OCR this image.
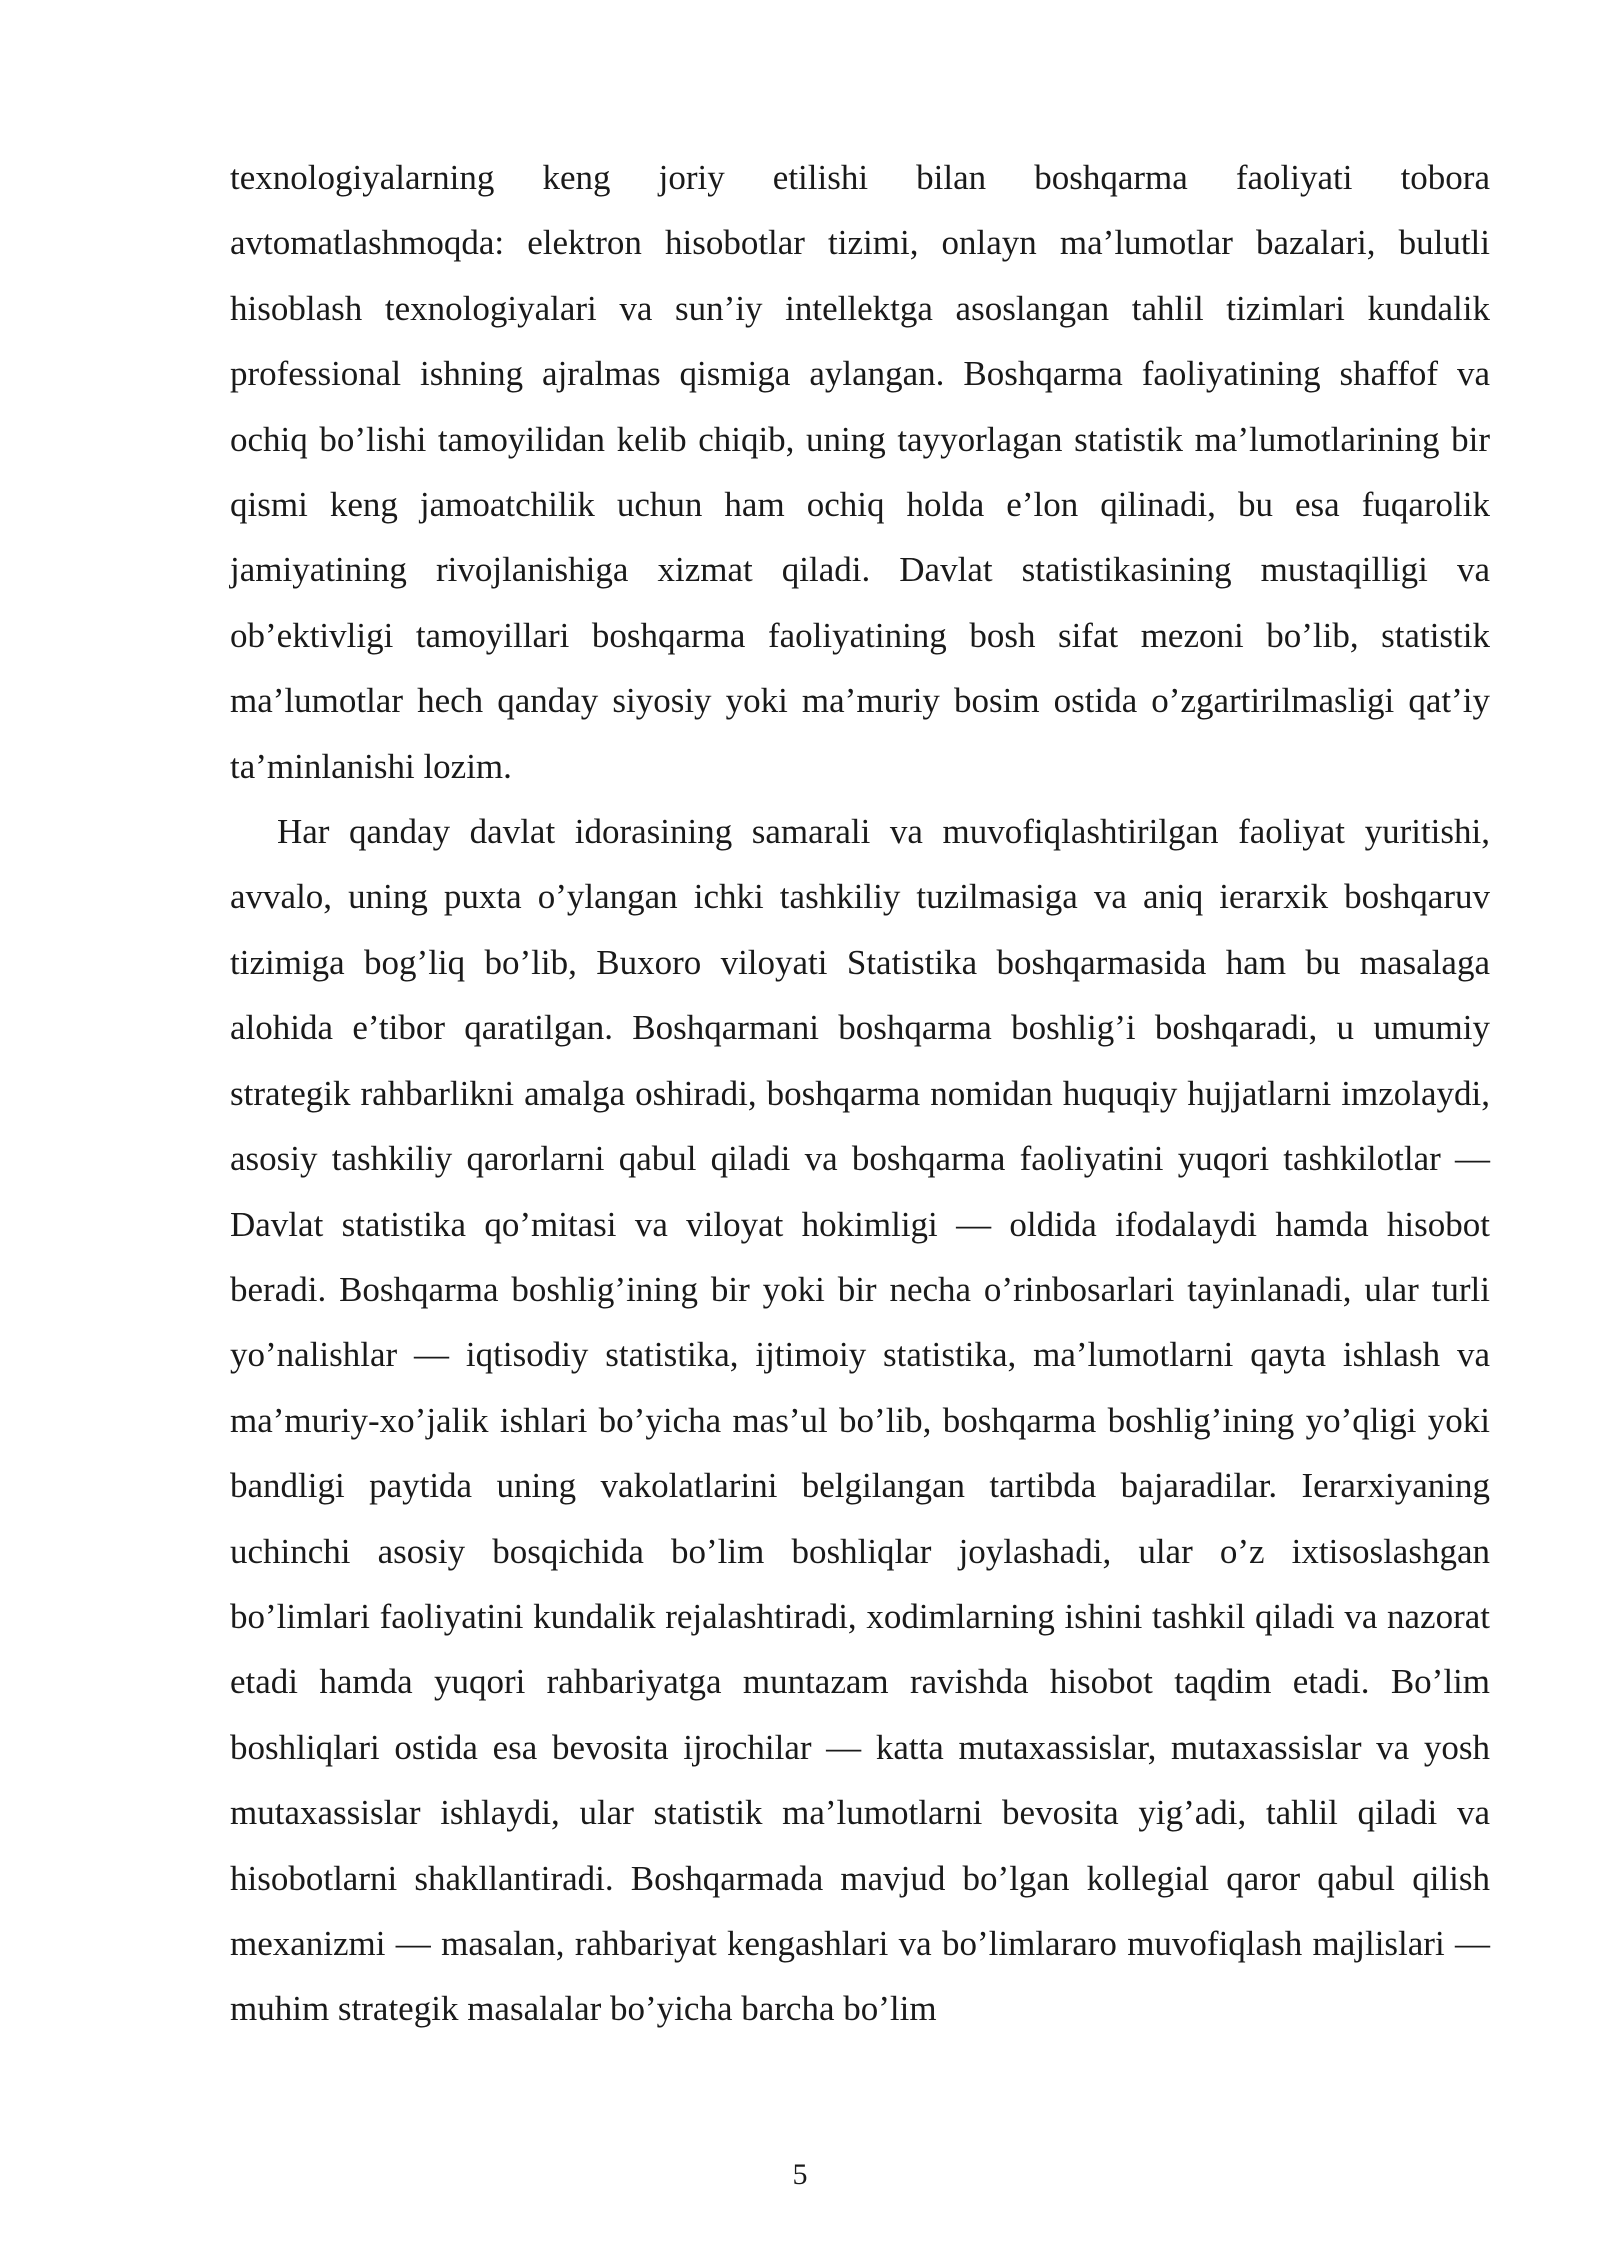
texnologiyalarning keng joriy etilishi bilan boshqarma faoliyati tobora avtomatlashmoqda: elektron hisobotlar tizimi, onlayn ma’lumotlar bazalari, bulutli hisoblash texnologiyalari va sun’iy intellektga asoslangan tahlil tizimlari kundalik professional ishning ajralmas qismiga aylangan. Boshqarma faoliyatining shaffof va ochiq bo’lishi tamoyilidan kelib chiqib, uning tayyorlagan statistik ma’lumotlarining bir qismi keng jamoatchilik uchun ham ochiq holda e’lon qilinadi, bu esa fuqarolik jamiyatining rivojlanishiga xizmat qiladi. Davlat statistikasining mustaqilligi va ob’ektivligi tamoyillari boshqarma faoliyatining bosh sifat mezoni bo’lib, statistik ma’lumotlar hech qanday siyosiy yoki ma’muriy bosim ostida o’zgartirilmasligi qat’iy ta’minlanishi lozim.

Har qanday davlat idorasining samarali va muvofiqlashtirilgan faoliyat yuritishi, avvalo, uning puxta o’ylangan ichki tashkiliy tuzilmasiga va aniq ierarxik boshqaruv tizimiga bog’liq bo’lib, Buxoro viloyati Statistika boshqarmasida ham bu masalaga alohida e’tibor qaratilgan. Boshqarmani boshqarma boshlig’i boshqaradi, u umumiy strategik rahbarlikni amalga oshiradi, boshqarma nomidan huquqiy hujjatlarni imzolaydi, asosiy tashkiliy qarorlarni qabul qiladi va boshqarma faoliyatini yuqori tashkilotlar — Davlat statistika qo’mitasi va viloyat hokimligi — oldida ifodalaydi hamda hisobot beradi. Boshqarma boshlig’ining bir yoki bir necha o’rinbosarlari tayinlanadi, ular turli yo’nalishlar — iqtisodiy statistika, ijtimoiy statistika, ma’lumotlarni qayta ishlash va ma’muriy-xo’jalik ishlari bo’yicha mas’ul bo’lib, boshqarma boshlig’ining yo’qligi yoki bandligi paytida uning vakolatlarini belgilangan tartibda bajaradilar. Ierarxiyaning uchinchi asosiy bosqichida bo’lim boshliqlar joylashadi, ular o’z ixtisoslashgan bo’limlari faoliyatini kundalik rejalashtiradi, xodimlarning ishini tashkil qiladi va nazorat etadi hamda yuqori rahbariyatga muntazam ravishda hisobot taqdim etadi. Bo’lim boshliqlari ostida esa bevosita ijrochilar — katta mutaxassislar, mutaxassislar va yosh mutaxassislar ishlaydi, ular statistik ma’lumotlarni bevosita yig’adi, tahlil qiladi va hisobotlarni shakllantiradi. Boshqarmada mavjud bo’lgan kollegial qaror qabul qilish mexanizmi — masalan, rahbariyat kengashlari va bo’limlararo muvofiqlash majlislari — muhim strategik masalalar bo’yicha barcha bo’lim

5
